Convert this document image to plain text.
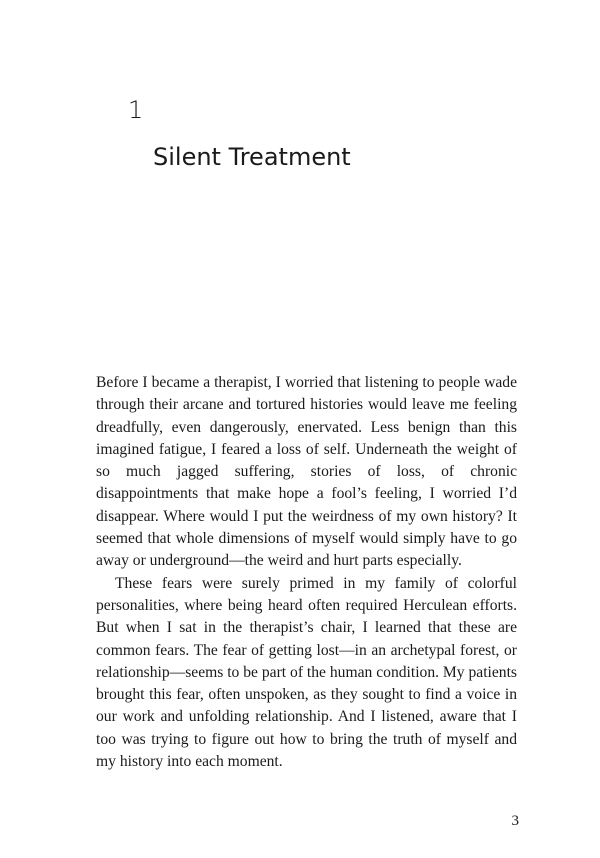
1
Silent Treatment

Before I became a therapist, I worried that listening to people wade through their arcane and tortured histories would leave me feeling dreadfully, even dangerously, enervated. Less benign than this imagined fatigue, I feared a loss of self. Underneath the weight of so much jagged suffering, stories of loss, of chronic disappointments that make hope a fool’s feeling, I worried I’d disappear. Where would I put the weirdness of my own history? It seemed that whole dimensions of myself would simply have to go away or underground—the weird and hurt parts especially.

These fears were surely primed in my family of colorful personalities, where being heard often required Herculean efforts. But when I sat in the therapist’s chair, I learned that these are common fears. The fear of getting lost—in an archetypal forest, or relationship—seems to be part of the human condition. My patients brought this fear, often unspoken, as they sought to find a voice in our work and unfolding relationship. And I listened, aware that I too was trying to figure out how to bring the truth of myself and my history into each moment.

3
